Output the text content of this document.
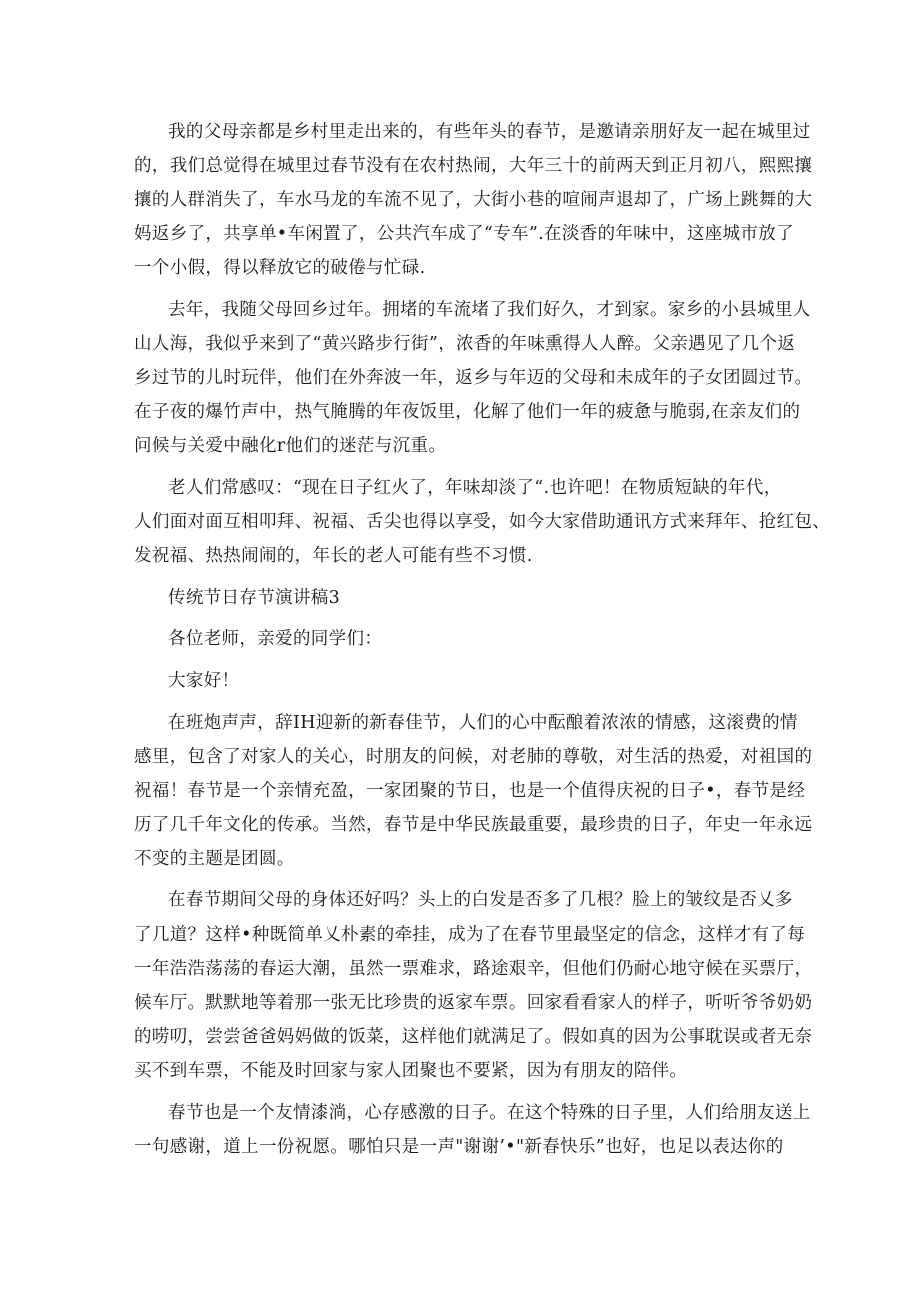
我的父母亲都是乡村里走出来的，有些年头的春节，是邀请亲朋好友一起在城里过
的，我们总觉得在城里过春节没有在农村热闹，大年三十的前两天到正月初八，熙熙攘
攘的人群消失了，车水马龙的车流不见了，大街小巷的喧闹声退却了，广场上跳舞的大
妈返乡了，共享单•车闲置了，公共汽车成了“专车”.在淡香的年味中，这座城市放了
一个小假，得以释放它的破倦与忙碌.
去年，我随父母回乡过年。拥堵的车流堵了我们好久，才到家。家乡的小县城里人
山人海，我似乎来到了“黄兴路步行街”，浓香的年味熏得人人醉。父亲遇见了几个返
乡过节的儿时玩伴，他们在外奔波一年，返乡与年迈的父母和未成年的子女团圆过节。
在子夜的爆竹声中，热气腌腾的年夜饭里，化解了他们一年的疲惫与脆弱,在亲友们的
问候与关爱中融化r他们的迷茫与沉重。
老人们常感叹：“现在日子红火了，年味却淡了“.也许吧！在物质短缺的年代，
人们面对面互相叩拜、祝福、舌尖也得以享受，如今大家借助通讯方式来拜年、抢红包、
发祝福、热热闹闹的，年长的老人可能有些不习惯.
传统节日存节演讲稿3
各位老师，亲爱的同学们：
大家好！
在班炮声声，辞IH迎新的新春佳节，人们的心中酝酿着浓浓的情感，这滚费的情
感里，包含了对家人的关心，时朋友的问候，对老肺的尊敬，对生活的热爱，对祖国的
祝福！春节是一个亲情充盈，一家团聚的节日，也是一个值得庆祝的日子•，春节是经
历了几千年文化的传承。当然，春节是中华民族最重要，最珍贵的日子，年史一年永远
不变的主题是团圆。
在春节期间父母的身体还好吗？头上的白发是否多了几根？脸上的皱纹是否乂多
了几道？这样•种既简单乂朴素的牵挂，成为了在春节里最坚定的信念，这样才有了每
一年浩浩荡荡的春运大潮，虽然一票难求，路途艰辛，但他们仍耐心地守候在买票厅，
候车厅。默默地等着那一张无比珍贵的返家车票。回家看看家人的样子，听听爷爷奶奶
的唠叨，尝尝爸爸妈妈做的饭菜，这样他们就满足了。假如真的因为公事耽误或者无奈
买不到车票，不能及时回家与家人团聚也不要紧，因为有朋友的陪伴。
春节也是一个友情漆淌，心存感激的日子。在这个特殊的日子里，人们给朋友送上
一句感谢，道上一份祝愿。哪怕只是一声"谢谢’•"新春快乐”也好，也足以表达你的
